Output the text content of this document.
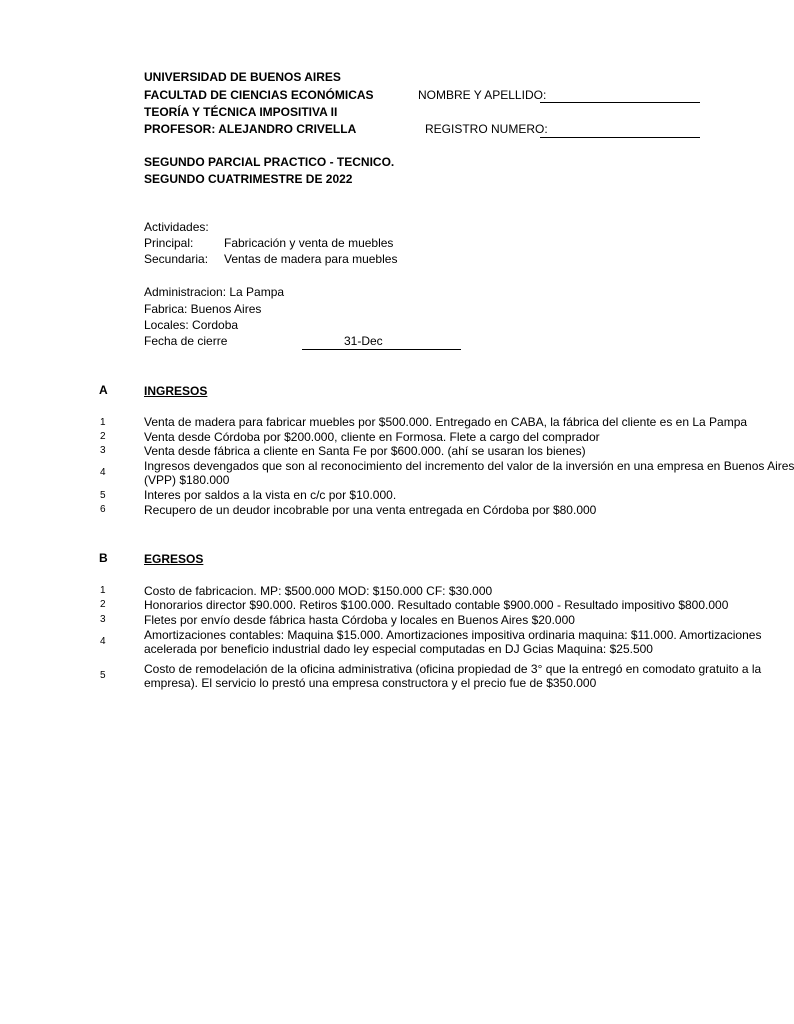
UNIVERSIDAD DE BUENOS AIRES
FACULTAD DE CIENCIAS ECONÓMICAS
TEORÍA Y TÉCNICA IMPOSITIVA II
PROFESOR: ALEJANDRO CRIVELLA
NOMBRE Y APELLIDO:
REGISTRO NUMERO:
SEGUNDO PARCIAL PRACTICO - TECNICO.
SEGUNDO CUATRIMESTRE DE 2022
Actividades:
Principal:	Fabricación y venta de muebles
Secundaria: Ventas de madera para muebles
Administracion: La Pampa
Fabrica: Buenos Aires
Locales: Cordoba
Fecha de cierre	31-Dec
A	INGRESOS
1	Venta de madera para fabricar muebles por $500.000. Entregado en CABA, la fábrica del cliente es en La Pampa
2	Venta desde Córdoba por $200.000, cliente en Formosa. Flete a cargo del comprador
3	Venta desde fábrica a cliente en Santa Fe por $600.000. (ahí se usaran los bienes)
4	Ingresos devengados que son al reconocimiento del incremento del valor de la inversión en una empresa en Buenos Aires
(VPP) $180.000
5	Interes por saldos a la vista en c/c por $10.000.
6	Recupero de un deudor incobrable por una venta entregada en Córdoba por $80.000
B	EGRESOS
1	Costo de fabricacion. MP: $500.000 MOD: $150.000 CF: $30.000
2	Honorarios director $90.000. Retiros $100.000. Resultado contable $900.000 - Resultado impositivo $800.000
3	Fletes por envío desde fábrica hasta Córdoba y locales en Buenos Aires $20.000
4	Amortizaciones contables: Maquina $15.000. Amortizaciones impositiva ordinaria maquina: $11.000. Amortizaciones
acelerada por beneficio industrial dado ley especial computadas en DJ Gcias Maquina: $25.500
5	Costo de remodelación de la oficina administrativa (oficina propiedad de 3° que la entregó en comodato gratuito a la
empresa). El servicio lo prestó una empresa constructora y el precio fue de $350.000
